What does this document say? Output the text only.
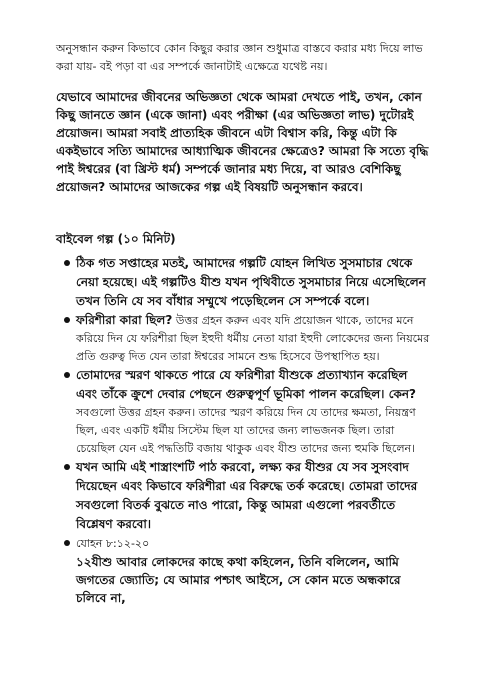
অনুসন্ধান করুন কিভাবে কোন কিছুর করার জ্ঞান শুধুমাত্র বাস্তবে করার মধ্য দিয়ে লাভ করা যায়- বই পড়া বা এর সম্পর্কে জানাটাই এক্ষেত্রে যথেষ্ট নয়।

যেভাবে আমাদের জীবনের অভিজ্ঞতা থেকে আমরা দেখতে পাই, তখন, কোন কিছু জানতে জ্ঞান (একে জানা) এবং পরীক্ষা (এর অভিজ্ঞতা লাভ) দুটোরই প্রয়োজন। আমরা সবাই প্রাত্যহিক জীবনে এটা বিশ্বাস করি, কিন্তু এটা কি একইভাবে সত্যি আমাদের আধ্যাত্মিক জীবনের ক্ষেত্রেও? আমরা কি সত্যে বৃদ্ধি পাই ঈশ্বরের (বা খ্রিস্ট ধর্ম) সম্পর্কে জানার মধ্য দিয়ে, বা আরও বেশিকিছু প্রয়োজন? আমাদের আজকের গল্প এই বিষয়টি অনুসন্ধান করবে।

বাইবেল গল্প (১০ মিনিট)
ঠিক গত সপ্তাহের মতই, আমাদের গল্পটি যোহন লিখিত সুসমাচার থেকে নেয়া হয়েছে। এই গল্পটিও যীশু যখন পৃথিবীতে সুসমাচার নিয়ে এসেছিলেন তখন তিনি যে সব বাঁধার সম্মুখে পড়েছিলেন সে সম্পর্কে বলে।
ফরিশীরা কারা ছিল? উত্তর গ্রহন করুন এবং যদি প্রয়োজন থাকে, তাদের মনে করিয়ে দিন যে ফরিশীরা ছিল ইহুদী ধর্মীয় নেতা যারা ইহুদী লোকেদের জন্য নিয়মের প্রতি গুরুত্ব দিত যেন তারা ঈশ্বরের সামনে শুদ্ধ হিসেবে উপস্থাপিত হয়।
তোমাদের স্মরণ থাকতে পারে যে ফরিশীরা যীশুকে প্রত্যাখ্যান করেছিল এবং তাঁকে ক্রুশে দেবার পেছনে গুরুত্বপূর্ণ ভূমিকা পালন করেছিল। কেন? সবগুলো উত্তর গ্রহন করুন। তাদের স্মরণ করিয়ে দিন যে তাদের ক্ষমতা, নিয়ন্ত্রণ ছিল, এবং একটি ধর্মীয় সিস্টেম ছিল যা তাদের জন্য লাভজনক ছিল। তারা চেয়েছিল যেন এই পদ্ধতিটি বজায় থাকুক এবং যীশু তাদের জন্য হুমকি ছিলেন।
যখন আমি এই শাস্ত্রাংশটি পাঠ করবো, লক্ষ্য কর যীশুর যে সব সুসংবাদ দিয়েছেন এবং কিভাবে ফরিশীরা এর বিরুদ্ধে তর্ক করেছে। তোমরা তাদের সবগুলো বিতর্ক বুঝতে নাও পারো, কিন্তু আমরা এগুলো পরবর্তীতে বিশ্লেষণ করবো।
যোহন ৮:১২-২০
১২যীশু আবার লোকদের কাছে কথা কহিলেন, তিনি বলিলেন, আমি জগতের জ্যোতি; যে আমার পশ্চাৎ আইসে, সে কোন মতে অন্ধকারে চলিবে না,
